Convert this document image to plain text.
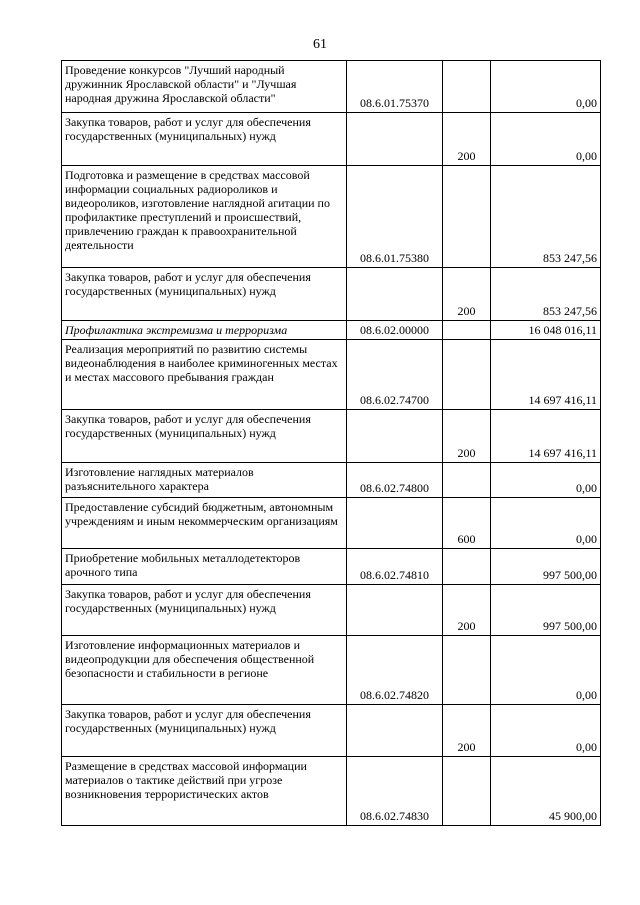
61
Проведение конкурсов "Лучший народный дружинник Ярославской области" и "Лучшая народная дружина Ярославской области"	08.6.01.75370		0,00
Закупка товаров, работ и услуг для обеспечения государственных (муниципальных) нужд		200	0,00
Подготовка и размещение в средствах массовой информации социальных радиороликов и видеороликов, изготовление наглядной агитации по профилактике преступлений и происшествий, привлечению граждан к правоохранительной деятельности	08.6.01.75380		853 247,56
Закупка товаров, работ и услуг для обеспечения государственных (муниципальных) нужд		200	853 247,56
Профилактика экстремизма и терроризма	08.6.02.00000		16 048 016,11
Реализация мероприятий по развитию системы видеонаблюдения в наиболее криминогенных местах и местах массового пребывания граждан	08.6.02.74700		14 697 416,11
Закупка товаров, работ и услуг для обеспечения государственных (муниципальных) нужд		200	14 697 416,11
Изготовление наглядных материалов разъяснительного характера	08.6.02.74800		0,00
Предоставление субсидий бюджетным, автономным учреждениям и иным некоммерческим организациям		600	0,00
Приобретение мобильных металлодетекторов арочного типа	08.6.02.74810		997 500,00
Закупка товаров, работ и услуг для обеспечения государственных (муниципальных) нужд		200	997 500,00
Изготовление информационных материалов и видеопродукции для обеспечения общественной безопасности и стабильности в регионе	08.6.02.74820		0,00
Закупка товаров, работ и услуг для обеспечения государственных (муниципальных) нужд		200	0,00
Размещение в средствах массовой информации материалов о тактике действий при угрозе возникновения террористических актов	08.6.02.74830		45 900,00
